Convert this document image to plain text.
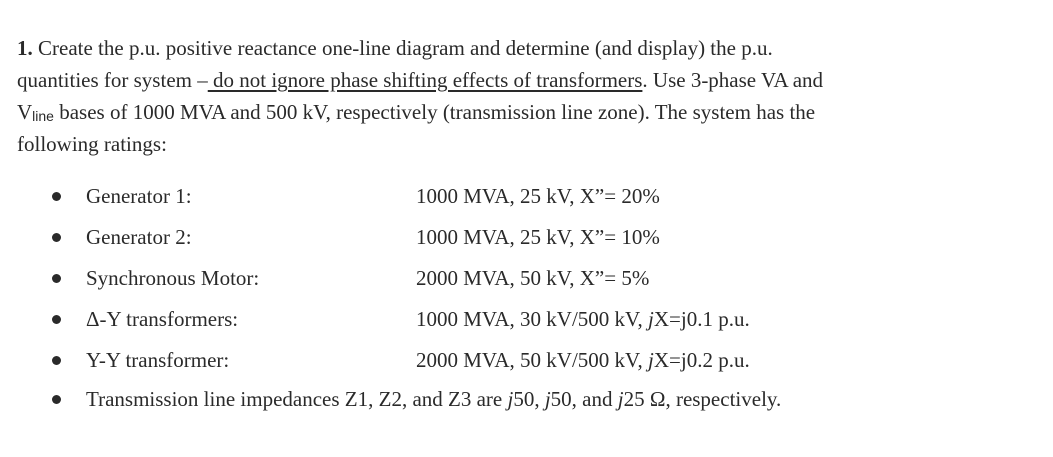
1. Create the p.u. positive reactance one-line diagram and determine (and display) the p.u.
quantities for system – do not ignore phase shifting effects of transformers. Use 3-phase VA and
Vline bases of 1000 MVA and 500 kV, respectively (transmission line zone). The system has the
following ratings:
Generator 1:	1000 MVA, 25 kV, X”= 20%
Generator 2:	1000 MVA, 25 kV, X”= 10%
Synchronous Motor:	2000 MVA, 50 kV, X”= 5%
Δ-Y transformers:	1000 MVA, 30 kV/500 kV, jX=j0.1 p.u.
Y-Y transformer:	2000 MVA, 50 kV/500 kV, jX=j0.2 p.u.
Transmission line impedances Z1, Z2, and Z3 are j50, j50, and j25 Ω, respectively.
